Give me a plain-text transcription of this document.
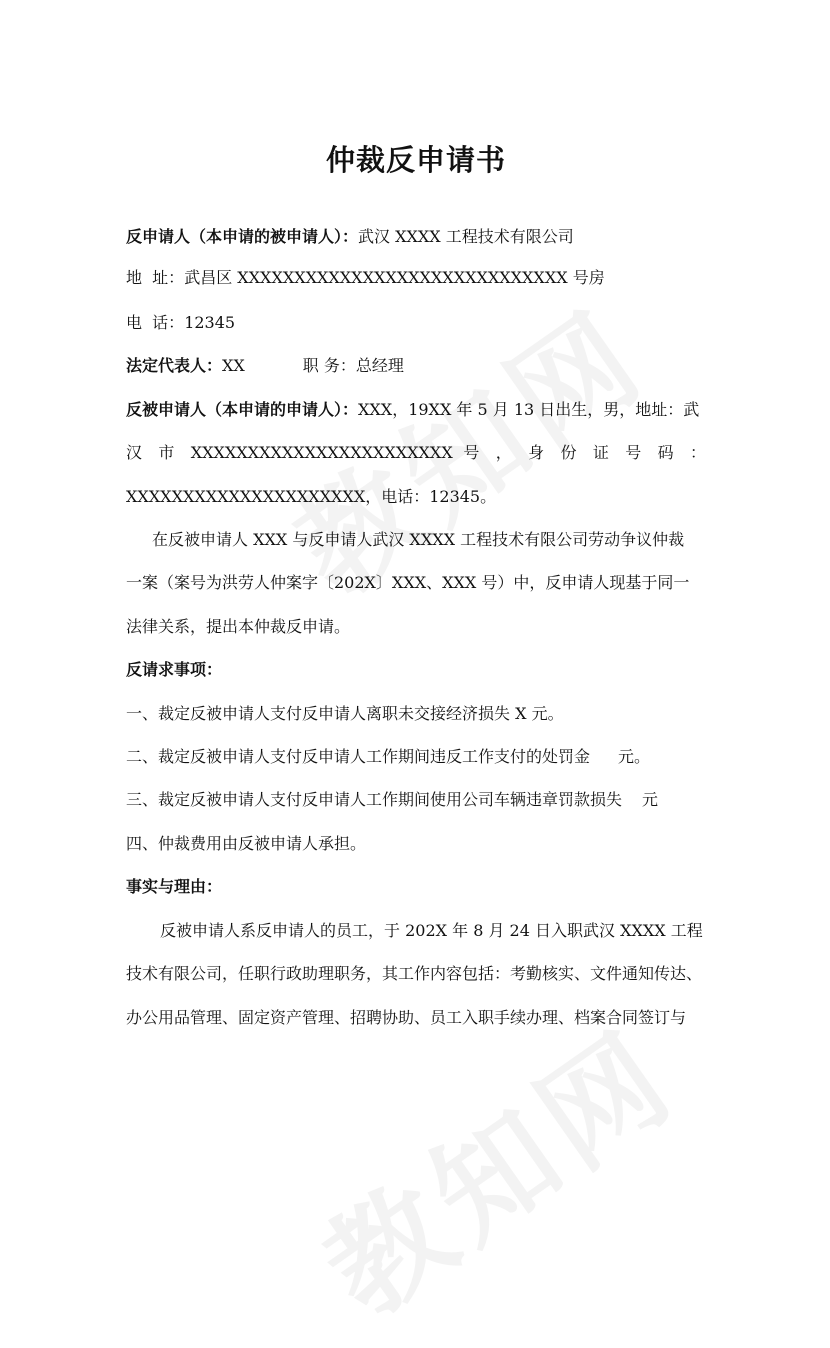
仲裁反申请书
反申请人（本申请的被申请人）：武汉 XXXX 工程技术有限公司
地  址：武昌区 XXXXXXXXXXXXXXXXXXXXXXXXXXXXX 号房
电  话：12345
法定代表人：XX	职 务：总经理
反被申请人（本申请的申请人）：XXX，19XX 年 5 月 13 日出生，男，地址：武
汉 市 XXXXXXXXXXXXXXXXXXXXXXX 号 ， 身 份 证 号 码 ：
XXXXXXXXXXXXXXXXXXXXX，电话：12345。
在反被申请人 XXX 与反申请人武汉 XXXX 工程技术有限公司劳动争议仲裁
一案（案号为洪劳人仲案字〔202X〕XXX、XXX 号）中，反申请人现基于同一
法律关系，提出本仲裁反申请。
反请求事项：
一、裁定反被申请人支付反申请人离职未交接经济损失 X 元。
二、裁定反被申请人支付反申请人工作期间违反工作支付的处罚金 元。
三、裁定反被申请人支付反申请人工作期间使用公司车辆违章罚款损失 元
四、仲裁费用由反被申请人承担。
事实与理由：
反被申请人系反申请人的员工，于 202X 年 8 月 24 日入职武汉 XXXX 工程
技术有限公司，任职行政助理职务，其工作内容包括：考勤核实、文件通知传达、
办公用品管理、固定资产管理、招聘协助、员工入职手续办理、档案合同签订与
